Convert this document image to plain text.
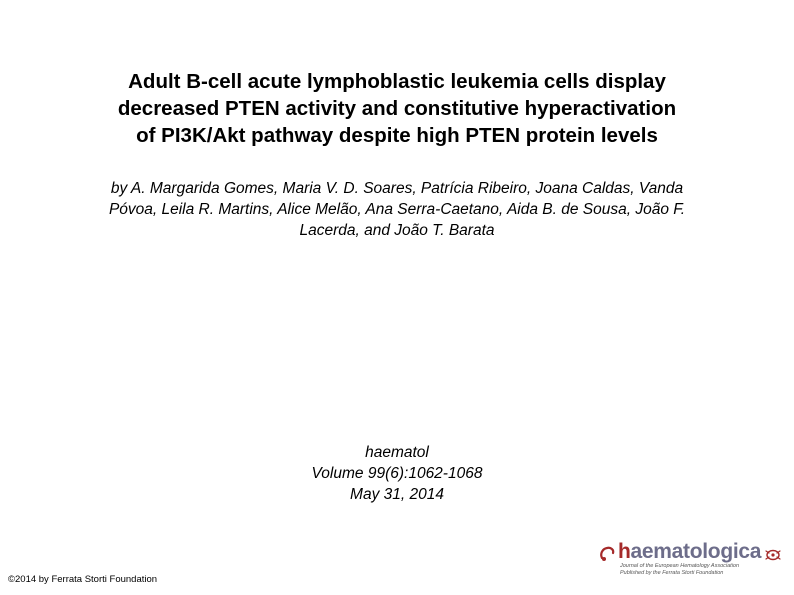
Adult B-cell acute lymphoblastic leukemia cells display
decreased PTEN activity and constitutive hyperactivation
of PI3K/Akt pathway despite high PTEN protein levels
by A. Margarida Gomes, Maria V. D. Soares, Patrícia Ribeiro, Joana Caldas, Vanda
Póvoa, Leila R. Martins, Alice Melão, Ana Serra-Caetano, Aida B. de Sousa, João F.
Lacerda, and João T. Barata
haematol
Volume 99(6):1062-1068
May 31, 2014
©2014 by Ferrata Storti Foundation
haematologica
Journal of the European Hematology Association
Published by the Ferrata Storti Foundation
